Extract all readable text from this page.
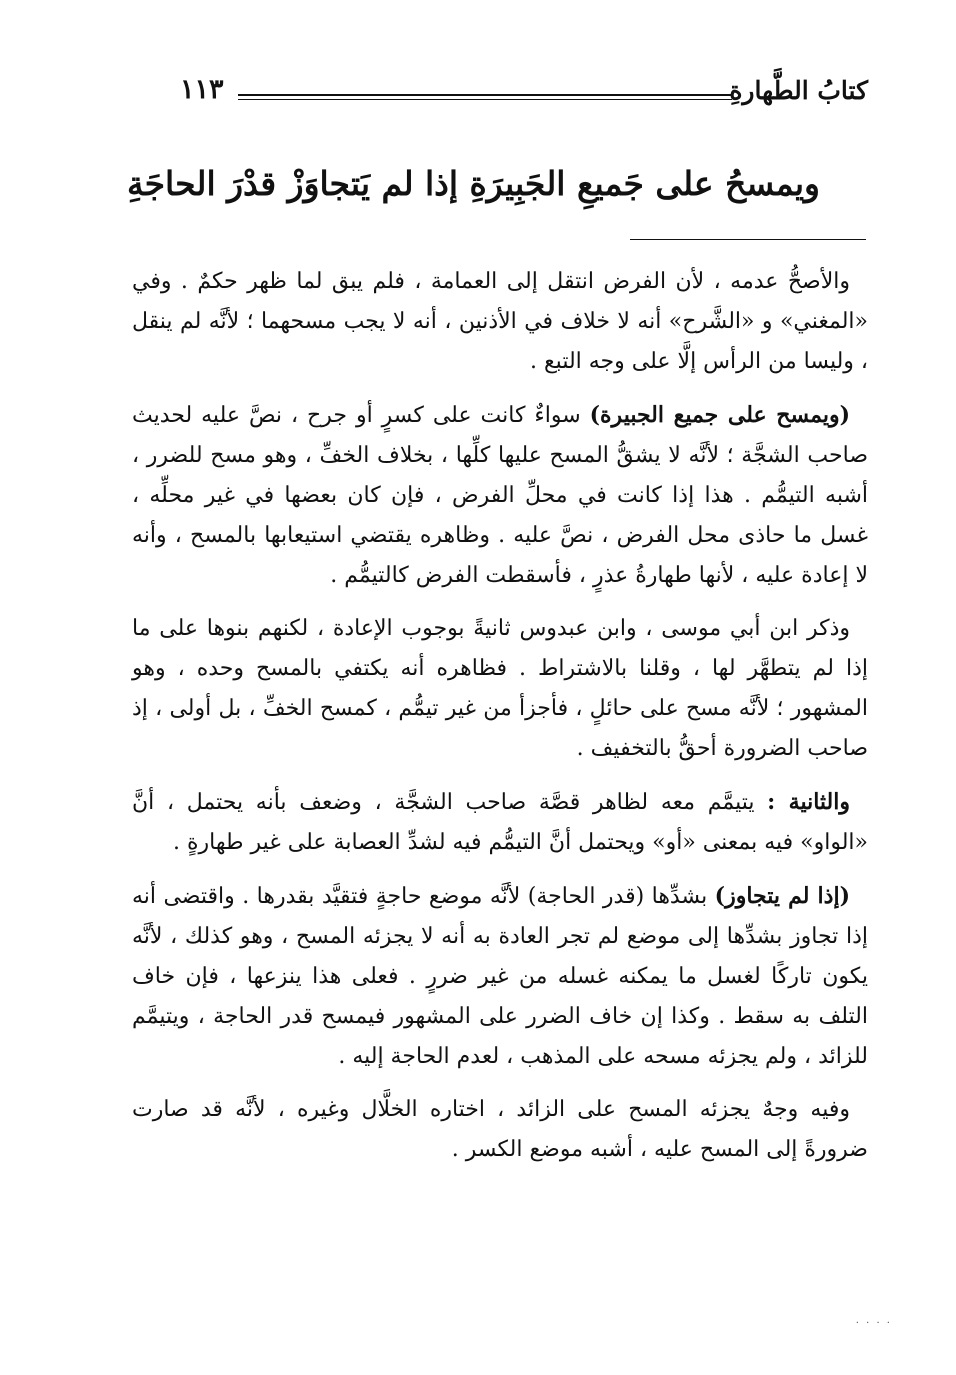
كتابُ الطَّهارةِ
١١٣
ويمسحُ على جَميعِ الجَبِيرَةِ إذا لم يَتجاوَزْ قدْرَ الحاجَةِ

والأصحُّ عدمه ، لأن الفرض انتقل إلى العمامة ، فلم يبق لما ظهر حكمٌ . وفي «المغني» و «الشَّرح» أنه لا خلاف في الأذنين ، أنه لا يجب مسحهما ؛ لأنَّه لم ينقل ، وليسا من الرأس إلَّا على وجه التبع .

(ويمسح على جميع الجبيرة) سواءٌ كانت على كسرٍ أو جرح ، نصَّ عليه لحديث صاحب الشجَّة ؛ لأنَّه لا يشقُّ المسح عليها كلِّها ، بخلاف الخفِّ ، وهو مسح للضرر ، أشبه التيمُّم . هذا إذا كانت في محلِّ الفرض ، فإن كان بعضها في غير محلِّه ، غسل ما حاذى محل الفرض ، نصَّ عليه . وظاهره يقتضي استيعابها بالمسح ، وأنه لا إعادة عليه ، لأنها طهارةُ عذرٍ ، فأسقطت الفرض كالتيمُّم .

وذكر ابن أبي موسى ، وابن عبدوس ثانيةً بوجوب الإعادة ، لكنهم بنوها على ما إذا لم يتطهَّر لها ، وقلنا بالاشتراط . فظاهره أنه يكتفي بالمسح وحده ، وهو المشهور ؛ لأنَّه مسح على حائلٍ ، فأجزأ من غير تيمُّم ، كمسح الخفِّ ، بل أولى ، إذ صاحب الضرورة أحقُّ بالتخفيف .

والثانية : يتيمَّم معه لظاهر قصَّة صاحب الشجَّة ، وضعف بأنه يحتمل ، أنَّ «الواو» فيه بمعنى «أو» ويحتمل أنَّ التيمُّم فيه لشدِّ العصابة على غير طهارةٍ .

(إذا لم يتجاوز) بشدِّها (قدر الحاجة) لأنَّه موضع حاجةٍ فتقيَّد بقدرها . واقتضى أنه إذا تجاوز بشدِّها إلى موضع لم تجر العادة به أنه لا يجزئه المسح ، وهو كذلك ، لأنَّه يكون تاركًا لغسل ما يمكنه غسله من غير ضررٍ . فعلى هذا ينزعها ، فإن خاف التلف به سقط . وكذا إن خاف الضرر على المشهور فيمسح قدر الحاجة ، ويتيمَّم للزائد ، ولم يجزئه مسحه على المذهب ، لعدم الحاجة إليه .

وفيه وجهٌ يجزئه المسح على الزائد ، اختاره الخلَّال وغيره ، لأنَّه قد صارت ضرورةً إلى المسح عليه ، أشبه موضع الكسر .

· · · ·
